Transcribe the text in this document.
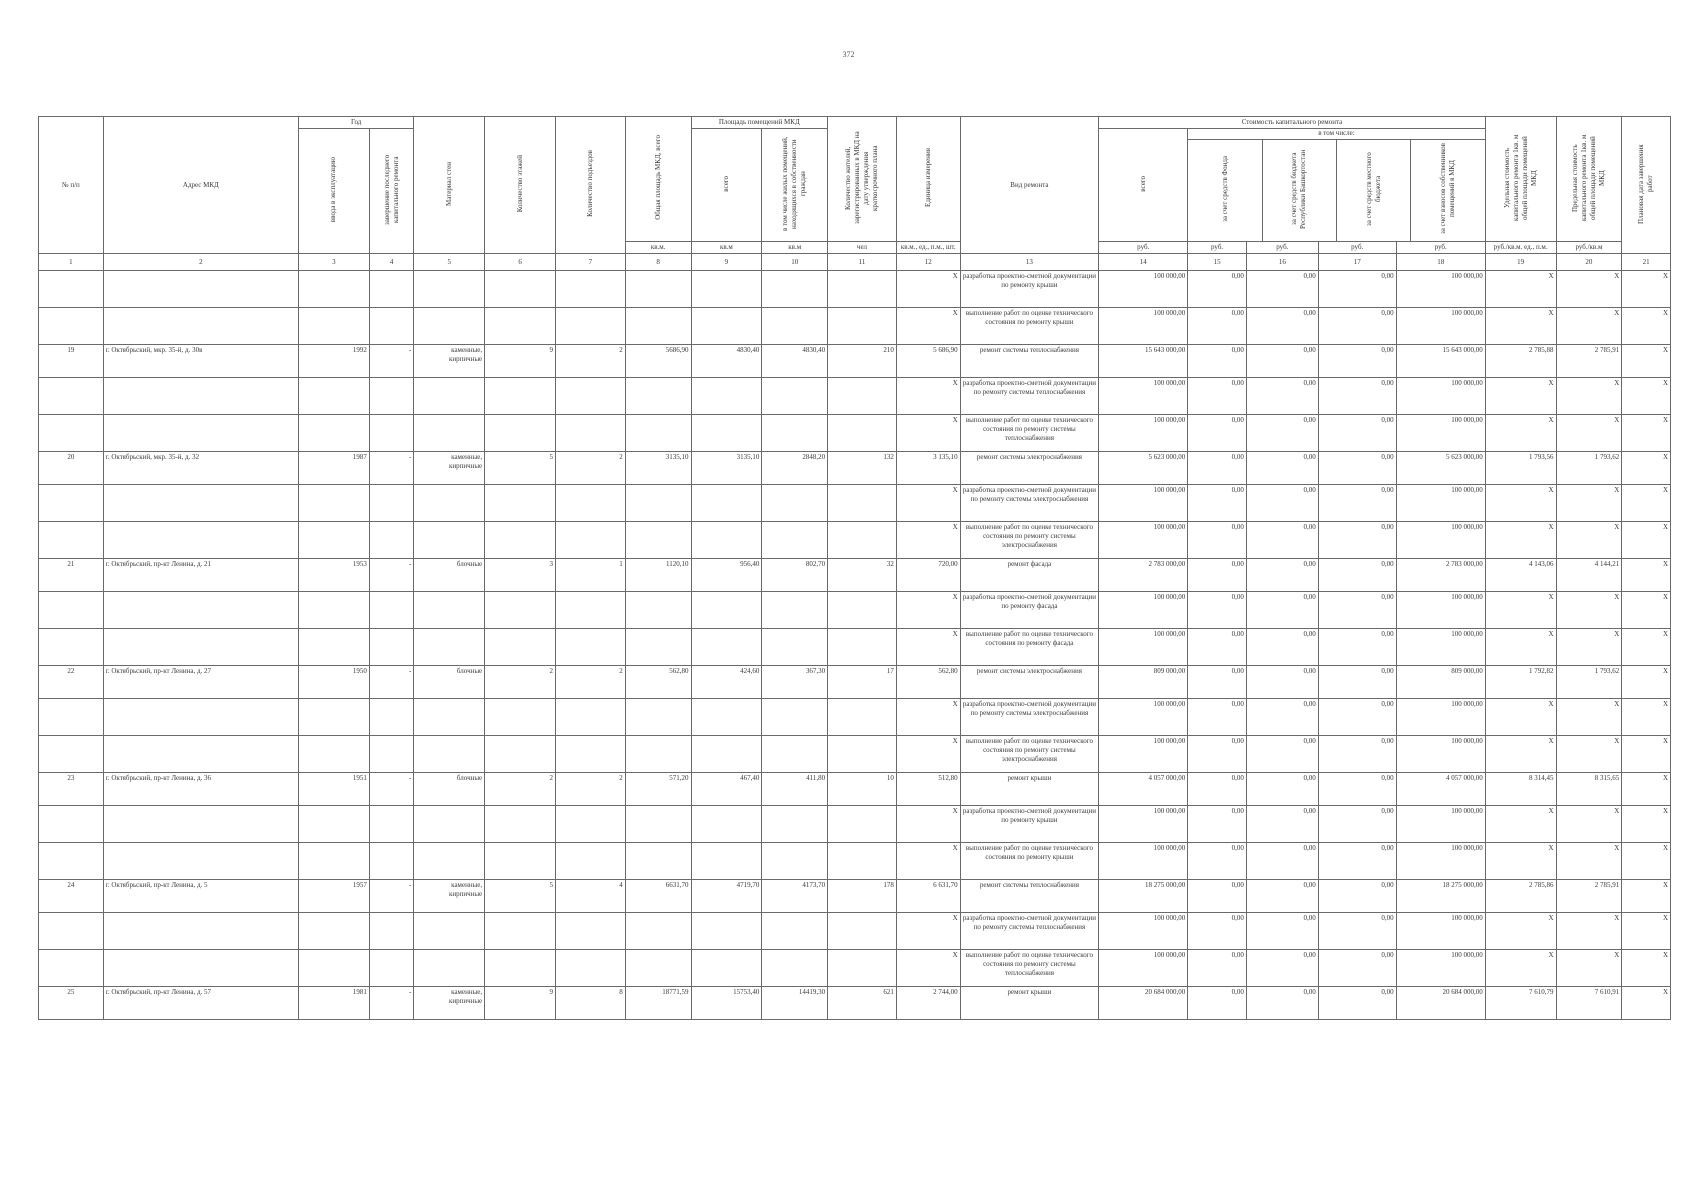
372
№ п/п	Адрес МКД	Год	Материал стен	Количество этажей	Количество подъездов	Общая площадь МКД, всего	Площадь помещений МКД	Количество жителей, зарегистрированных в МКД на дату утверждения краткосрочного плана	Единица измерения	Вид ремонта	Стоимость капитального ремонта	Удельная стоимость капитального ремонта 1кв. м общей площади помещений МКД	Предельная стоимость капитального ремонта 1кв. м общей площади помещений МКД	Плановая дата завершения работ
ввода в эксплуатацию	завершение последнего капитального ремонта	всего	в том числе жилых помещений, находящихся в собственности граждан	всего	
в том числе:
за счет средств Фонда	за счет средств бюджета Республики Башкортостан	за счет средств местного бюджета	за счет взносов собственников помещений в МКД

кв.м.	кв.м	кв.м	чел	кв.м., ед., п.м., шт.	руб.	руб.	руб.	руб.	руб.	руб./кв.м. ед., п.м.	руб./кв.м
1	2	3	4	5	6	7	8	9	10	11	12	13	14	15	16	17	18	19	20	21
											X	разработка проектно-сметной документации по ремонту крыши	100 000,00	0,00	0,00	0,00	100 000,00	X	X	X
											X	выполнение работ по оценке технического состояния по ремонту крыши	100 000,00	0,00	0,00	0,00	100 000,00	X	X	X
19	г. Октябрьский, мкр. 35-й, д. 30в	1992	-	каменные, кирпичные	9	2	5686,90	4830,40	4830,40	210	5 686,90	ремонт системы теплоснабжения	15 643 000,00	0,00	0,00	0,00	15 643 000,00	2 785,88	2 785,91	X
											X	разработка проектно-сметной документации по ремонту системы теплоснабжения	100 000,00	0,00	0,00	0,00	100 000,00	X	X	X
											X	выполнение работ по оценке технического состояния по ремонту системы теплоснабжения	100 000,00	0,00	0,00	0,00	100 000,00	X	X	X
20	г. Октябрьский, мкр. 35-й, д. 32	1987	-	каменные, кирпичные	5	2	3135,10	3135,10	2848,20	132	3 135,10	ремонт системы электроснабжения	5 623 000,00	0,00	0,00	0,00	5 623 000,00	1 793,56	1 793,62	X
											X	разработка проектно-сметной документации по ремонту системы электроснабжения	100 000,00	0,00	0,00	0,00	100 000,00	X	X	X
											X	выполнение работ по оценке технического состояния по ремонту системы электроснабжения	100 000,00	0,00	0,00	0,00	100 000,00	X	X	X
21	г. Октябрьский, пр-кт Ленина, д. 21	1953	-	блочные	3	1	1120,10	956,40	802,70	32	720,00	ремонт фасада	2 783 000,00	0,00	0,00	0,00	2 783 000,00	4 143,06	4 144,21	X
											X	разработка проектно-сметной документации по ремонту фасада	100 000,00	0,00	0,00	0,00	100 000,00	X	X	X
											X	выполнение работ по оценке технического состояния по ремонту фасада	100 000,00	0,00	0,00	0,00	100 000,00	X	X	X
22	г. Октябрьский, пр-кт Ленина, д. 27	1950	-	блочные	2	2	562,80	424,60	367,30	17	562,80	ремонт системы электроснабжения	809 000,00	0,00	0,00	0,00	809 000,00	1 792,82	1 793,62	X
											X	разработка проектно-сметной документации по ремонту системы электроснабжения	100 000,00	0,00	0,00	0,00	100 000,00	X	X	X
											X	выполнение работ по оценке технического состояния по ремонту системы электроснабжения	100 000,00	0,00	0,00	0,00	100 000,00	X	X	X
23	г. Октябрьский, пр-кт Ленина, д. 36	1951	-	блочные	2	2	571,20	467,40	411,80	10	512,80	ремонт крыши	4 057 000,00	0,00	0,00	0,00	4 057 000,00	8 314,45	8 315,65	X
											X	разработка проектно-сметной документации по ремонту крыши	100 000,00	0,00	0,00	0,00	100 000,00	X	X	X
											X	выполнение работ по оценке технического состояния по ремонту крыши	100 000,00	0,00	0,00	0,00	100 000,00	X	X	X
24	г. Октябрьский, пр-кт Ленина, д. 5	1957	-	каменные, кирпичные	5	4	6631,70	4719,70	4173,70	178	6 631,70	ремонт системы теплоснабжения	18 275 000,00	0,00	0,00	0,00	18 275 000,00	2 785,86	2 785,91	X
											X	разработка проектно-сметной документации по ремонту системы теплоснабжения	100 000,00	0,00	0,00	0,00	100 000,00	X	X	X
											X	выполнение работ по оценке технического состояния по ремонту системы теплоснабжения	100 000,00	0,00	0,00	0,00	100 000,00	X	X	X
25	г. Октябрьский, пр-кт Ленина, д. 57	1981	-	каменные, кирпичные	9	8	18771,59	15753,40	14419,30	621	2 744,00	ремонт крыши	20 684 000,00	0,00	0,00	0,00	20 684 000,00	7 610,79	7 610,91	X
